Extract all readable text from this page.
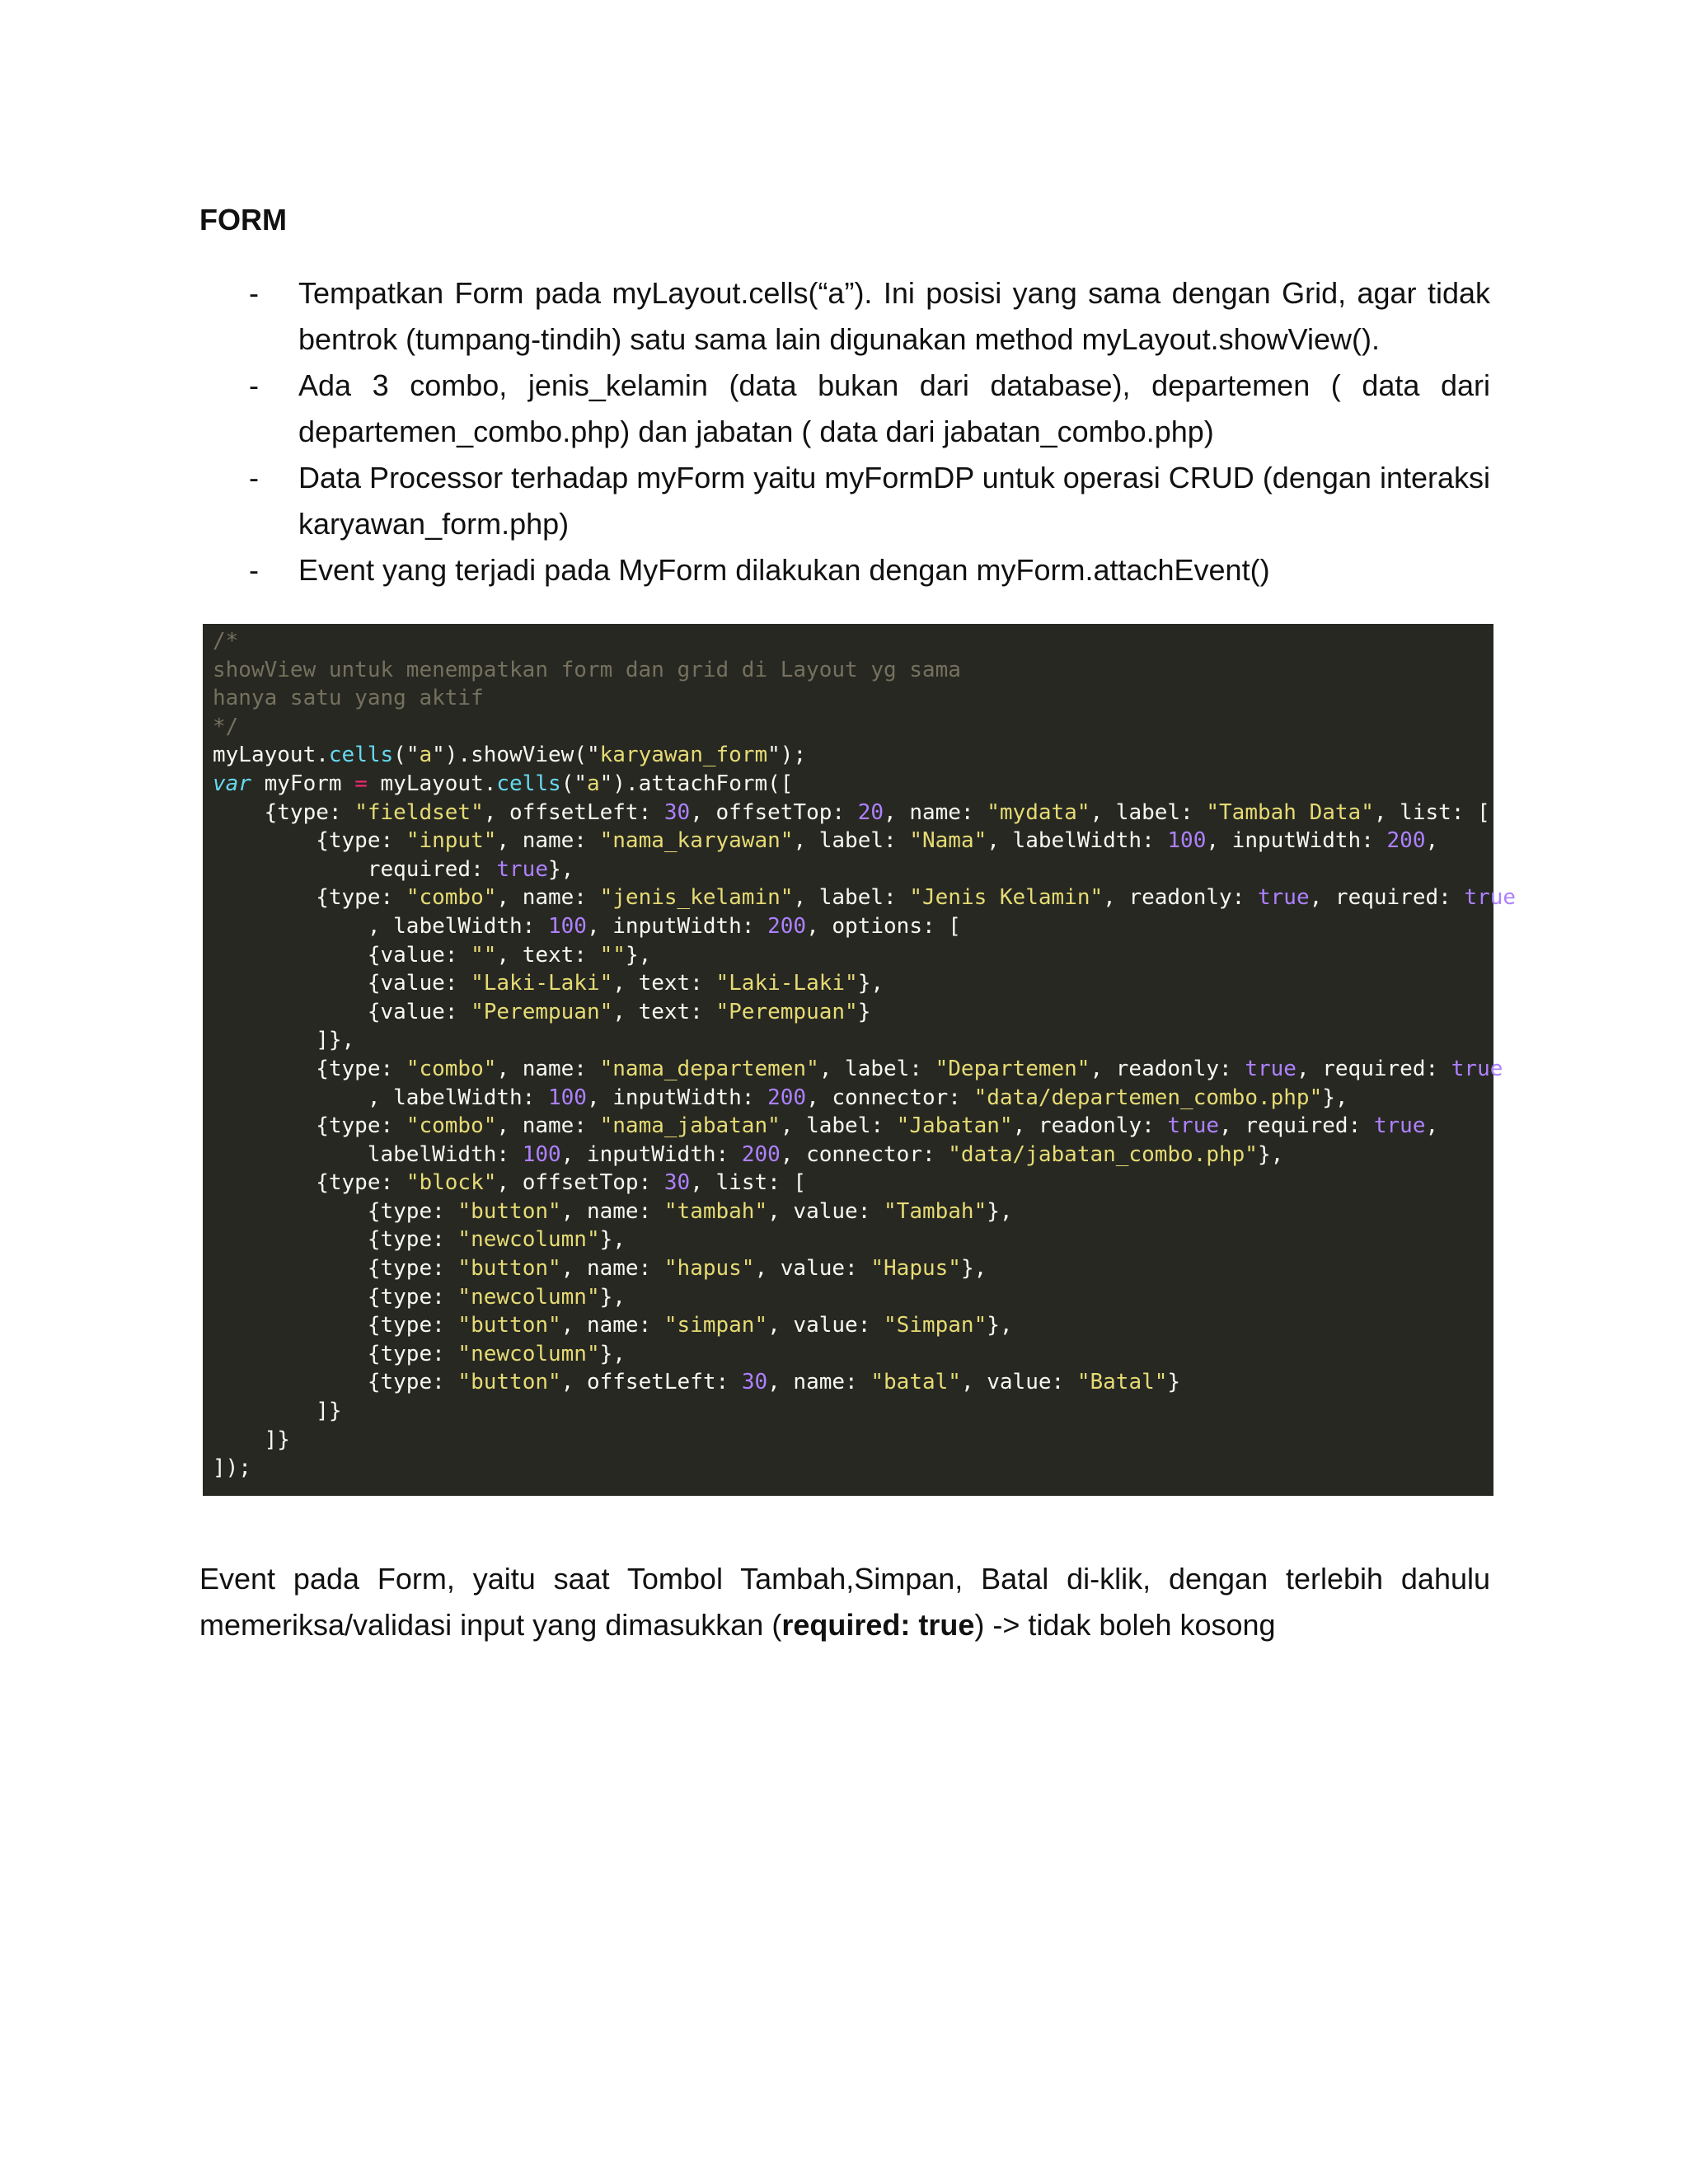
FORM
- Tempatkan Form pada myLayout.cells(“a”). Ini posisi yang sama dengan Grid, agar tidak bentrok (tumpang-tindih) satu sama lain digunakan method myLayout.showView().
- Ada 3 combo, jenis_kelamin (data bukan dari database), departemen ( data dari departemen_combo.php) dan jabatan ( data dari jabatan_combo.php)
- Data Processor terhadap myForm yaitu myFormDP untuk operasi CRUD (dengan interaksi karyawan_form.php)
- Event yang terjadi pada MyForm dilakukan dengan myForm.attachEvent()
/*
showView untuk menempatkan form dan grid di Layout yg sama
hanya satu yang aktif
*/
myLayout.cells("a").showView("karyawan_form");
var myForm = myLayout.cells("a").attachForm([
{type: "fieldset", offsetLeft: 30, offsetTop: 20, name: "mydata", label: "Tambah Data", list: [
{type: "input", name: "nama_karyawan", label: "Nama", labelWidth: 100, inputWidth: 200,
required: true},
{type: "combo", name: "jenis_kelamin", label: "Jenis Kelamin", readonly: true, required: true
, labelWidth: 100, inputWidth: 200, options: [
{value: "", text: ""},
{value: "Laki-Laki", text: "Laki-Laki"},
{value: "Perempuan", text: "Perempuan"}
]},
{type: "combo", name: "nama_departemen", label: "Departemen", readonly: true, required: true
, labelWidth: 100, inputWidth: 200, connector: "data/departemen_combo.php"},
{type: "combo", name: "nama_jabatan", label: "Jabatan", readonly: true, required: true,
labelWidth: 100, inputWidth: 200, connector: "data/jabatan_combo.php"},
{type: "block", offsetTop: 30, list: [
{type: "button", name: "tambah", value: "Tambah"},
{type: "newcolumn"},
{type: "button", name: "hapus", value: "Hapus"},
{type: "newcolumn"},
{type: "button", name: "simpan", value: "Simpan"},
{type: "newcolumn"},
{type: "button", offsetLeft: 30, name: "batal", value: "Batal"}
]}
]}
]);

Event pada Form, yaitu saat Tombol Tambah,Simpan, Batal di-klik, dengan terlebih dahulu memeriksa/validasi input yang dimasukkan (required: true) -> tidak boleh kosong
